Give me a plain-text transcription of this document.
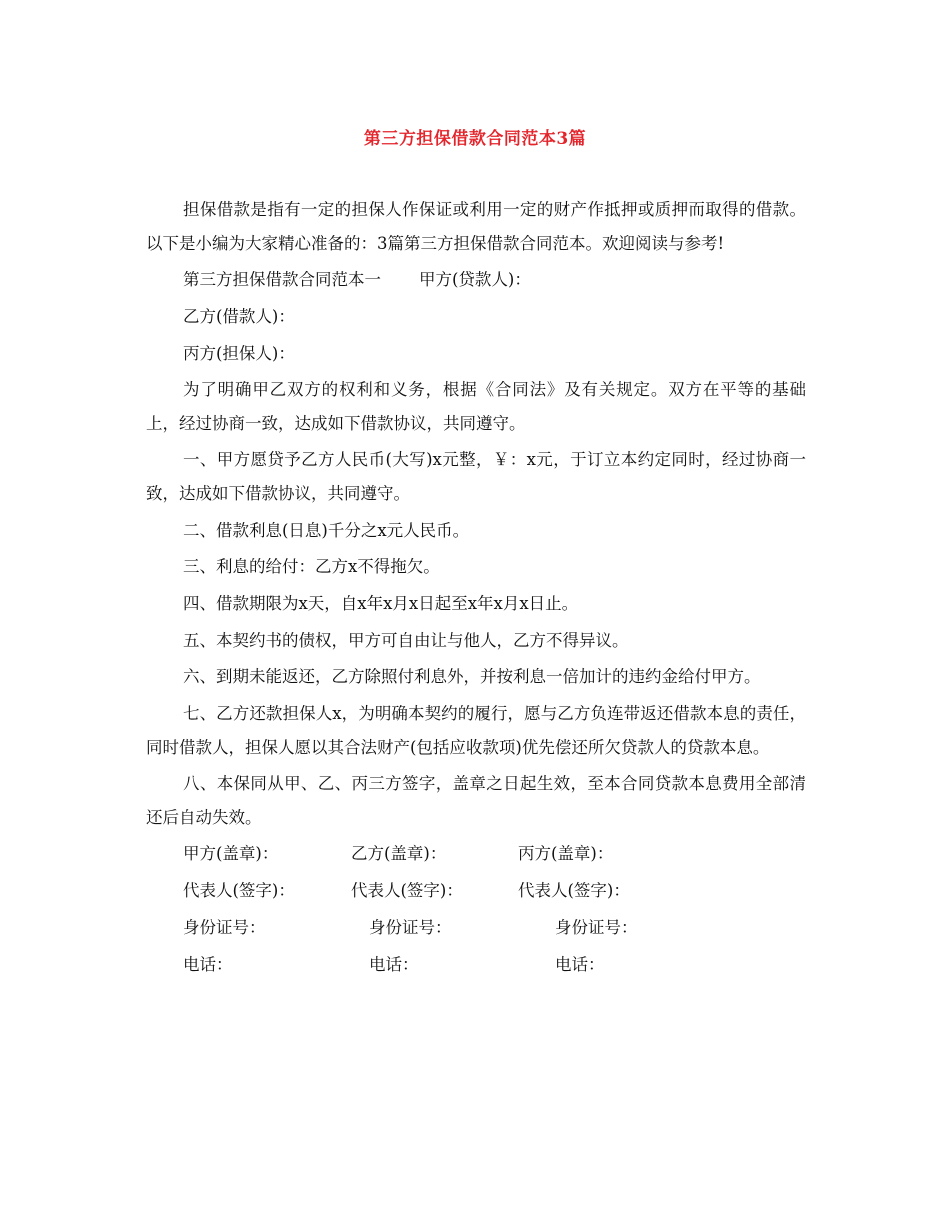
第三方担保借款合同范本3篇

担保借款是指有一定的担保人作保证或利用一定的财产作抵押或质押而取得的借款。以下是小编为大家精心准备的：3篇第三方担保借款合同范本。欢迎阅读与参考!

第三方担保借款合同范本一 甲方(贷款人)：

乙方(借款人)：

丙方(担保人)：

为了明确甲乙双方的权利和义务，根据《合同法》及有关规定。双方在平等的基础上，经过协商一致，达成如下借款协议，共同遵守。

一、甲方愿贷予乙方人民币(大写)x元整，￥：x元，于订立本约定同时，经过协商一致，达成如下借款协议，共同遵守。

二、借款利息(日息)千分之x元人民币。

三、利息的给付：乙方x不得拖欠。

四、借款期限为x天，自x年x月x日起至x年x月x日止。

五、本契约书的债权，甲方可自由让与他人，乙方不得异议。

六、到期未能返还，乙方除照付利息外，并按利息一倍加计的违约金给付甲方。

七、乙方还款担保人x，为明确本契约的履行，愿与乙方负连带返还借款本息的责任，同时借款人，担保人愿以其合法财产(包括应收款项)优先偿还所欠贷款人的贷款本息。

八、本保同从甲、乙、丙三方签字，盖章之日起生效，至本合同贷款本息费用全部清还后自动失效。

甲方(盖章)：	乙方(盖章)：	丙方(盖章)：
代表人(签字)：	代表人(签字)：	代表人(签字)：
身份证号：	身份证号：	身份证号：
电话：	电话：	电话：
